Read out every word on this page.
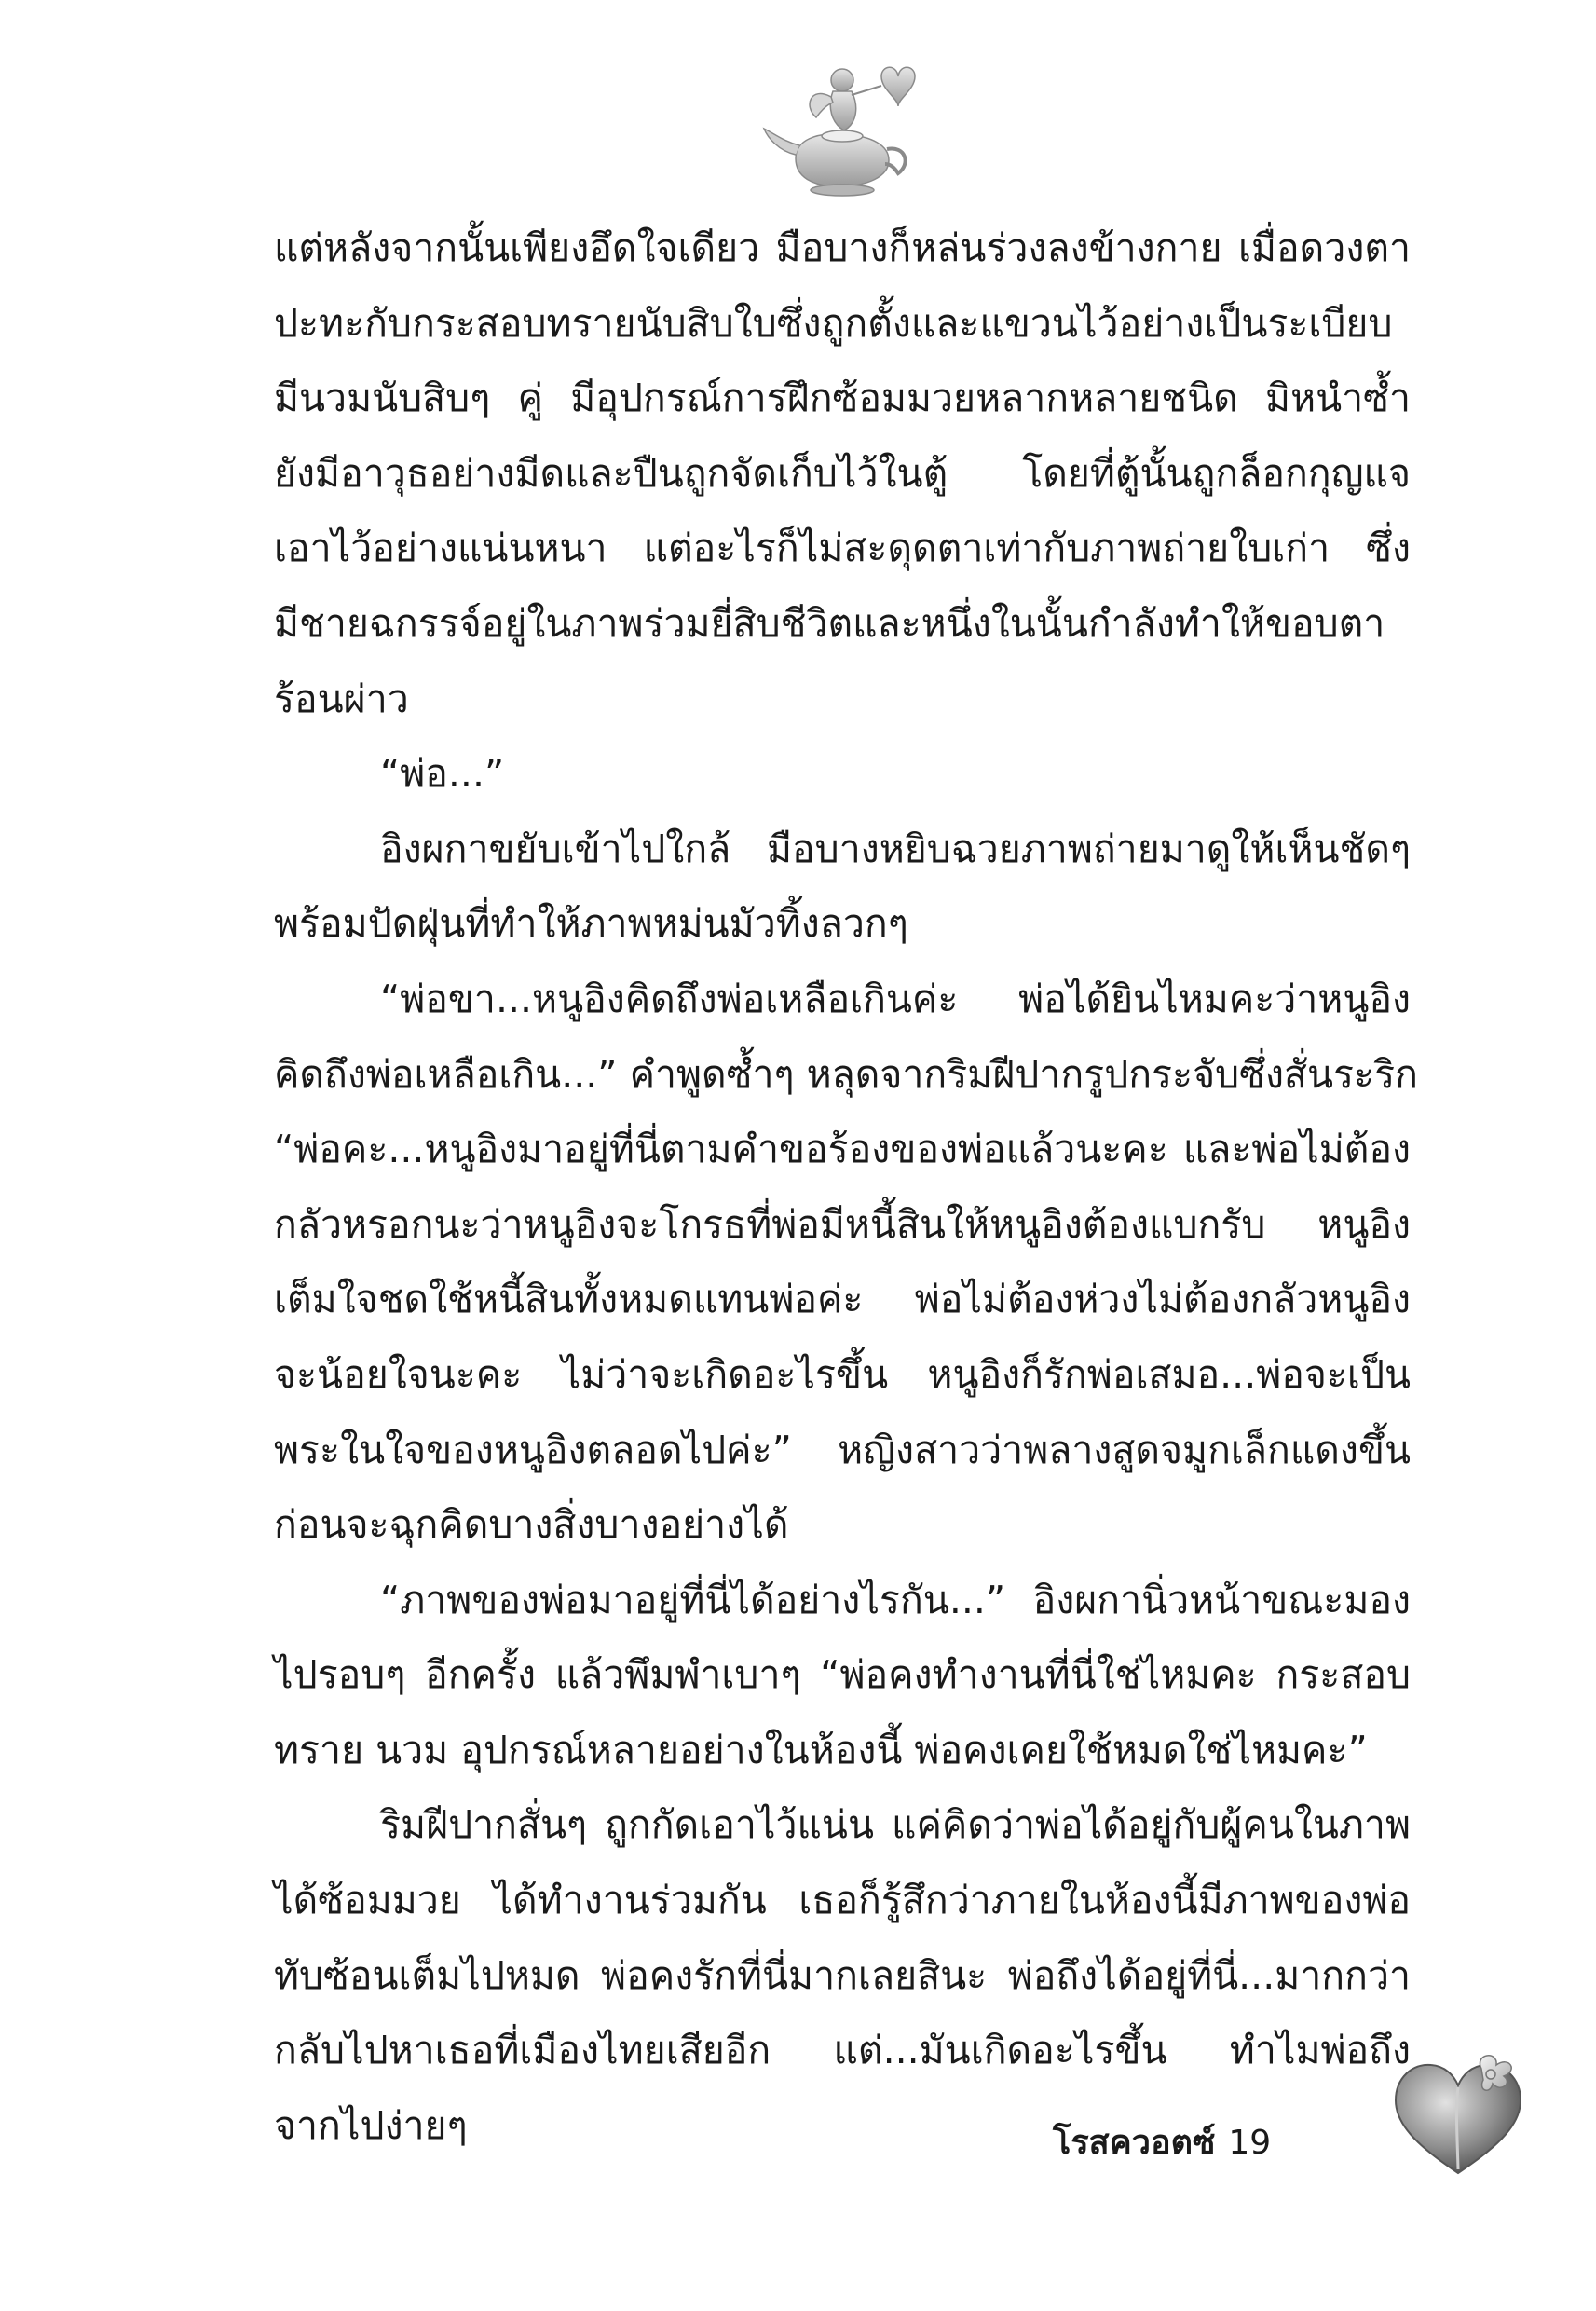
แต่หลังจากนั้นเพียงอึดใจเดียว มือบางก็หล่นร่วงลงข้างกาย เมื่อดวงตา
ปะทะกับกระสอบทรายนับสิบใบซึ่งถูกตั้งและแขวนไว้อย่างเป็นระเบียบ
มีนวมนับสิบๆ คู่ มีอุปกรณ์การฝึกซ้อมมวยหลากหลายชนิด มิหนำซ้ำ
ยังมีอาวุธอย่างมีดและปืนถูกจัดเก็บไว้ในตู้ โดยที่ตู้นั้นถูกล็อกกุญแจ
เอาไว้อย่างแน่นหนา แต่อะไรก็ไม่สะดุดตาเท่ากับภาพถ่ายใบเก่า ซึ่ง
มีชายฉกรรจ์อยู่ในภาพร่วมยี่สิบชีวิตและหนึ่งในนั้นกำลังทำให้ขอบตา
ร้อนผ่าว
“พ่อ...”
อิงผกาขยับเข้าไปใกล้ มือบางหยิบฉวยภาพถ่ายมาดูให้เห็นชัดๆ
พร้อมปัดฝุ่นที่ทำให้ภาพหม่นมัวทิ้งลวกๆ
“พ่อขา...หนูอิงคิดถึงพ่อเหลือเกินค่ะ พ่อได้ยินไหมคะว่าหนูอิง
คิดถึงพ่อเหลือเกิน...” คำพูดซ้ำๆ หลุดจากริมฝีปากรูปกระจับซึ่งสั่นระริก
“พ่อคะ...หนูอิงมาอยู่ที่นี่ตามคำขอร้องของพ่อแล้วนะคะ และพ่อไม่ต้อง
กลัวหรอกนะว่าหนูอิงจะโกรธที่พ่อมีหนี้สินให้หนูอิงต้องแบกรับ หนูอิง
เต็มใจชดใช้หนี้สินทั้งหมดแทนพ่อค่ะ พ่อไม่ต้องห่วงไม่ต้องกลัวหนูอิง
จะน้อยใจนะคะ ไม่ว่าจะเกิดอะไรขึ้น หนูอิงก็รักพ่อเสมอ...พ่อจะเป็น
พระในใจของหนูอิงตลอดไปค่ะ” หญิงสาวว่าพลางสูดจมูกเล็กแดงขึ้น
ก่อนจะฉุกคิดบางสิ่งบางอย่างได้
“ภาพของพ่อมาอยู่ที่นี่ได้อย่างไรกัน...” อิงผกานิ่วหน้าขณะมอง
ไปรอบๆ อีกครั้ง แล้วพึมพำเบาๆ “พ่อคงทำงานที่นี่ใช่ไหมคะ กระสอบ
ทราย นวม อุปกรณ์หลายอย่างในห้องนี้ พ่อคงเคยใช้หมดใช่ไหมคะ”
ริมฝีปากสั่นๆ ถูกกัดเอาไว้แน่น แค่คิดว่าพ่อได้อยู่กับผู้คนในภาพ
ได้ซ้อมมวย ได้ทำงานร่วมกัน เธอก็รู้สึกว่าภายในห้องนี้มีภาพของพ่อ
ทับซ้อนเต็มไปหมด พ่อคงรักที่นี่มากเลยสินะ พ่อถึงได้อยู่ที่นี่...มากกว่า
กลับไปหาเธอที่เมืองไทยเสียอีก แต่...มันเกิดอะไรขึ้น ทำไมพ่อถึง
จากไปง่ายๆ	โรสควอตซ์ 19
